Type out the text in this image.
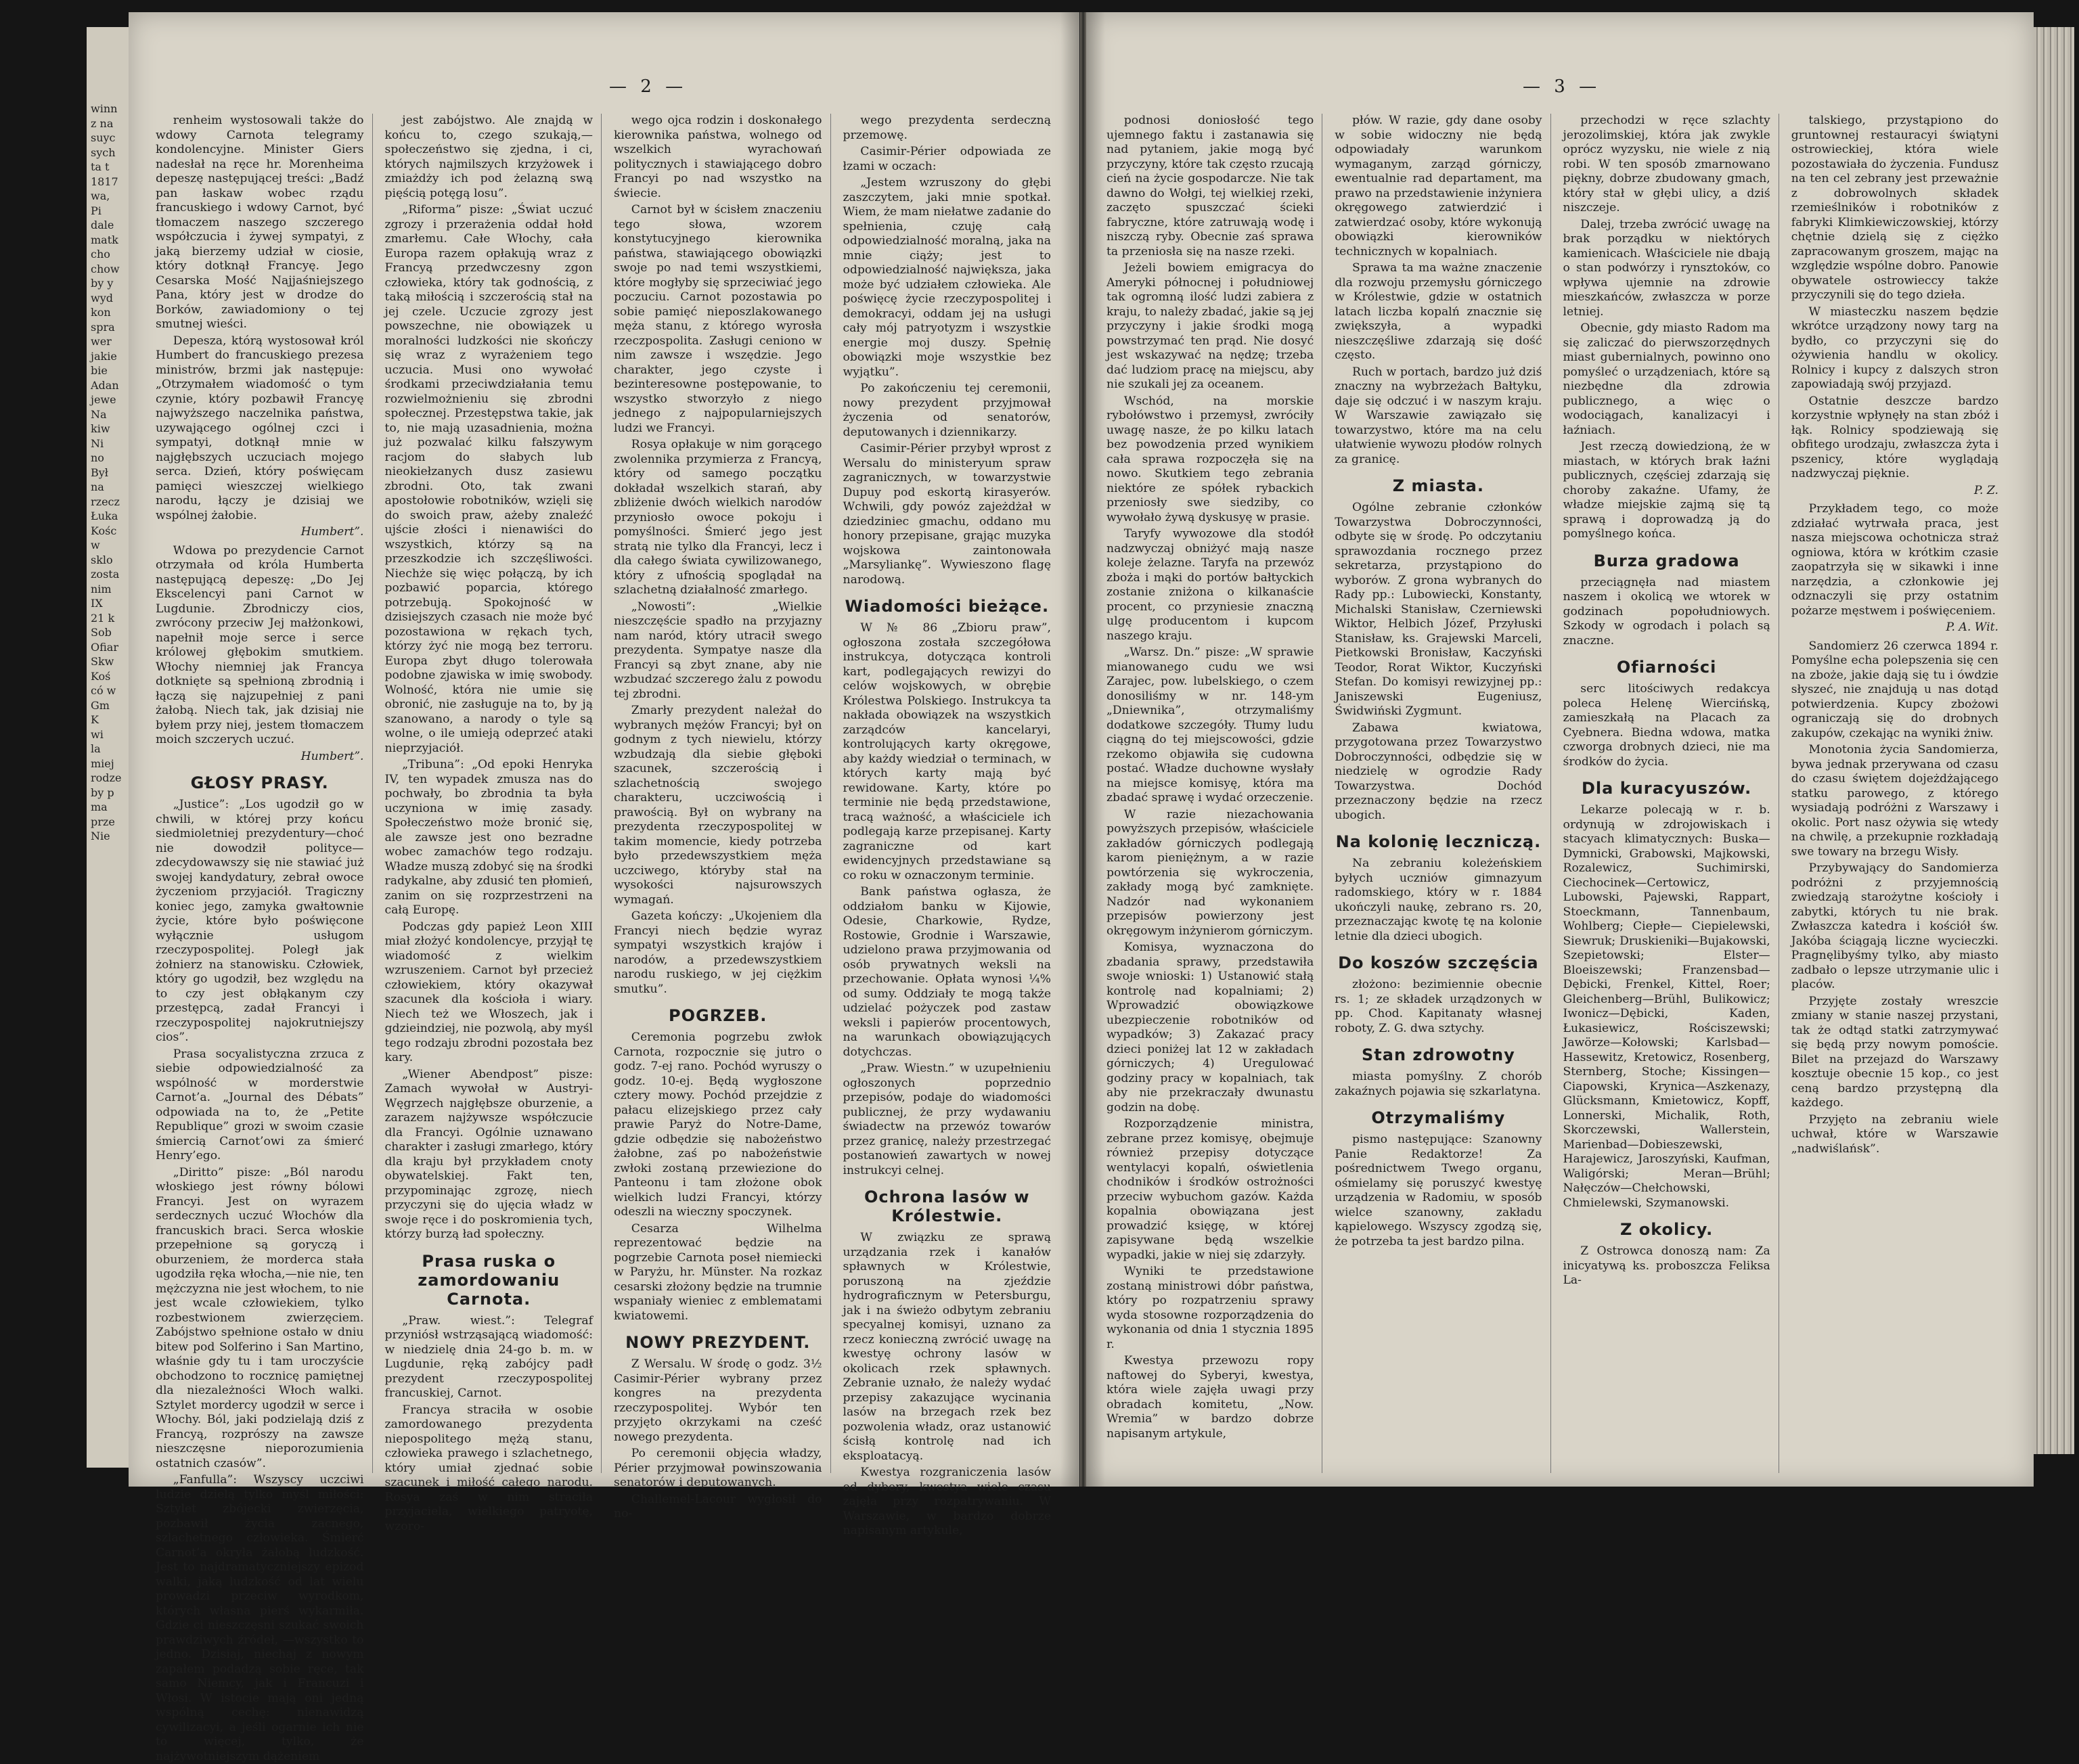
winn
z na
suyc
sych
ta t
1817
wa,
Pi
dale
matk
cho
chow
by y
wyd
kon
spra
wer
jakie
bie
Adan
jewe
Na
kiw
Ni
no
Był
na
rzecz
Łuka
Kośc
w
sklo
zosta
nim
IX
21 k
Sob
Ofiar
Skw
Koś
có w
Gm
K
wi
la
miej
rodze
by p
ma
prze
Nie
— 2 —

renheim wystosowali także do wdowy Carnota telegramy kondolencyjne. Minister Giers nadesłał na ręce hr. Morenheima depeszę następującej treści: „Badź pan łaskaw wobec rządu francuskiego i wdowy Carnot, być tłomaczem naszego szczerego współczucia i żywej sympatyi, z jaką bierzemy udział w ciosie, który dotknął Francyę. Jego Cesarska Mość Najjaśniejszego Pana, który jest w drodze do Borków, zawiadomiony o tej smutnej wieści.

Depesza, którą wystosował król Humbert do francuskiego prezesa ministrów, brzmi jak następuje: „Otrzymałem wiadomość o tym czynie, który pozbawił Francyę najwyższego naczelnika państwa, uzywającego ogólnej czci i sympatyi, dotknął mnie w najgłębszych uczuciach mojego serca. Dzień, który poświęcam pamięci wieszczej wielkiego narodu, łączy je dzisiaj we wspólnej żałobie.

Humbert”.

Wdowa po prezydencie Carnot otrzymała od króla Humberta następującą depeszę: „Do Jej Ekscelencyi pani Carnot w Lugdunie. Zbrodniczy cios, zwrócony przeciw Jej małżonkowi, napełnił moje serce i serce królowej głębokim smutkiem. Włochy niemniej jak Francya dotknięte są spełnioną zbrodnią i łączą się najzupełniej z pani żałobą. Niech tak, jak dzisiaj nie byłem przy niej, jestem tłomaczem moich szczerych uczuć.

Humbert”.
GŁOSY PRASY.

„Justice”: „Los ugodził go w chwili, w której przy końcu siedmioletniej prezydentury—choć nie dowodził polityce—zdecydowawszy się nie stawiać już swojej kandydatury, zebrał owoce życzeniom przyjaciół. Tragiczny koniec jego, zamyka gwałtownie życie, które było poświęcone wyłącznie usługom rzeczypospolitej. Poległ jak żołnierz na stanowisku. Człowiek, który go ugodził, bez względu na to czy jest obłąkanym czy przestępcą, zadał Francyi i rzeczypospolitej najokrutniejszy cios”.

Prasa socyalistyczna zrzuca z siebie odpowiedzialność za wspólność w morderstwie Carnot’a. „Journal des Débats” odpowiada na to, że „Petite Republique” grozi w swoim czasie śmiercią Carnot’owi za śmierć Henry’ego.

„Diritto” pisze: „Ból narodu włoskiego jest równy bólowi Francyi. Jest on wyrazem serdecznych uczuć Włochów dla francuskich braci. Serca włoskie przepełnione są goryczą i oburzeniem, że morderca stała ugodziła ręka włocha,—nie nie, ten mężczyzna nie jest włochem, to nie jest wcale człowiekiem, tylko rozbestwionem zwierzęciem. Zabójstwo spełnione ostało w dniu bitew pod Solferino i San Martino, właśnie gdy tu i tam uroczyście obchodzono to rocznicę pamiętnej dla niezależności Włoch walki. Sztylet mordercy ugodził w serce i Włochy. Ból, jaki podzielają dziś z Francyą, rozprószy na zawsze nieszczęsne nieporozumienia ostatnich czasów”.

„Fanfulla”: Wszyscy uczciwi ludzie dzielą tylko myśl miłości: Sztylet zbójecki zwierzęcia, pozbawił życia zacnego, szlachetnego człowieka. Śmierć Carnot’a okryła żałobą ludzkość. Jest to najdramatyczniejszy epizod walki, jaką ludzkość od lat wielu prowadzi przeciw wyrodkom, których własna pierś wykarmiła. Gdzie ci nieszczęsni szukać swoich prawdziwych źródeł, —wszystko to jedno. Dzisiaj, niechaj z nowym zapałem podadzą sobie ręce, tak samo Niemcy, jak i Francuzi i Włosi. W istocie mają oni jedną wspólną cechę: nienawidzą cywilizacyi, a jeśli ogarnie ich nie to więcej, tylko, że najżywotniejszym dążeniem

jest zabójstwo. Ale znajdą w końcu to, czego szukają,—społeczeństwo się zjedna, i ci, których najmilszych krzyżowek i zmiażdży ich pod żelazną swą pięścią potęgą losu”.

„Riforma” pisze: „Świat uczuć zgrozy i przerażenia oddał hołd zmarłemu. Całe Włochy, cała Europa razem opłakują wraz z Francyą przedwczesny zgon człowieka, który tak godnością, z taką miłością i szczerością stał na jej czele. Uczucie zgrozy jest powszechne, nie obowiązek u moralności ludzkości nie skończy się wraz z wyrażeniem tego uczucia. Musi ono wywołać środkami przeciwdziałania temu rozwielmożnieniu się zbrodni społecznej. Przestępstwa takie, jak to, nie mają uzasadnienia, można już pozwalać kilku fałszywym racjom do słabych lub nieokiełzanych dusz zasiewu zbrodni. Oto, tak zwani apostołowie robotników, wzięli się do swoich praw, ażeby znaleźć ujście złości i nienawiści do wszystkich, którzy są na przeszkodzie ich szczęśliwości. Niechże się więc połączą, by ich pozbawić poparcia, którego potrzebują. Spokojność w dzisiejszych czasach nie może być pozostawiona w rękach tych, którzy żyć nie mogą bez terroru. Europa zbyt długo tolerowała podobne zjawiska w imię swobody. Wolność, która nie umie się obronić, nie zasługuje na to, by ją szanowano, a narody o tyle są wolne, o ile umieją odeprzeć ataki nieprzyjaciół.

„Tribuna”: „Od epoki Henryka IV, ten wypadek zmusza nas do pochwały, bo zbrodnia ta była uczyniona w imię zasady. Społeczeństwo może bronić się, ale zawsze jest ono bezradne wobec zamachów tego rodzaju. Władze muszą zdobyć się na środki radykalne, aby zdusić ten płomień, zanim on się rozprzestrzeni na całą Europę.

Podczas gdy papież Leon XIII miał złożyć kondolencye, przyjął tę wiadomość z wielkim wzruszeniem. Carnot był przecież człowiekiem, który okazywał szacunek dla kościoła i wiary. Niech też we Włoszech, jak i gdzieindziej, nie pozwolą, aby myśl tego rodzaju zbrodni pozostała bez kary.

„Wiener Abendpost” pisze: Zamach wywołał w Austryi-Węgrzech najgłębsze oburzenie, a zarazem najżywsze współczucie dla Francyi. Ogólnie uznawano charakter i zasługi zmarłego, który dla kraju był przykładem cnoty obywatelskiej. Fakt ten, przypominając zgrozę, niech przyczyni się do ujęcia władz w swoje ręce i do poskromienia tych, którzy burzą ład społeczny.

Prasa ruska o zamordowaniu Carnota.

„Praw. wiest.”: Telegraf przyniósł wstrząsającą wiadomość: w niedzielę dnia 24-go b. m. w Lugdunie, ręką zabójcy padł prezydent rzeczypospolitej francuskiej, Carnot.

Francya straciła w osobie zamordowanego prezydenta niepospolitego mężą stanu, człowieka prawego i szlachetnego, który umiał zjednać sobie szacunek i miłość całego narodu. Rosya zaś w nim straciła przyjaciela, wielkiego patryotę, wzoro-

wego ojca rodzin i doskonałego kierownika państwa, wolnego od wszelkich wyrachowań politycznych i stawiającego dobro Francyi po nad wszystko na świecie.

Carnot był w ścisłem znaczeniu tego słowa, wzorem konstytucyjnego kierownika państwa, stawiającego obowiązki swoje po nad temi wszystkiemi, które mogłyby się sprzeciwiać jego poczuciu. Carnot pozostawia po sobie pamięć nieposzlakowanego męża stanu, z którego wyrosła rzeczpospolita. Zasługi ceniono w nim zawsze i wszędzie. Jego charakter, jego czyste i bezinteresowne postępowanie, to wszystko stworzyło z niego jednego z najpopularniejszych ludzi we Francyi.

Rosya opłakuje w nim gorącego zwolennika przymierza z Francyą, który od samego początku dokładał wszelkich starań, aby zbliżenie dwóch wielkich narodów przyniosło owoce pokoju i pomyślności. Śmierć jego jest stratą nie tylko dla Francyi, lecz i dla całego świata cywilizowanego, który z ufnością spoglądał na szlachetną działalność zmarłego.

„Nowosti”: „Wielkie nieszczęście spadło na przyjazny nam naród, który utracił swego prezydenta. Sympatye nasze dla Francyi są zbyt znane, aby nie wzbudzać szczerego żalu z powodu tej zbrodni.

Zmarły prezydent należał do wybranych mężów Francyi; był on godnym z tych niewielu, którzy wzbudzają dla siebie głęboki szacunek, szczerością i szlachetnością swojego charakteru, uczciwością i prawością. Był on wybrany na prezydenta rzeczypospolitej w takim momencie, kiedy potrzeba było przedewszystkiem męża uczciwego, któryby stał na wysokości najsurowszych wymagań.

Gazeta kończy: „Ukojeniem dla Francyi niech będzie wyraz sympatyi wszystkich krajów i narodów, a przedewszystkiem narodu ruskiego, w jej ciężkim smutku”.

POGRZEB.

Ceremonia pogrzebu zwłok Carnota, rozpocznie się jutro o godz. 7-ej rano. Pochód wyruszy o godz. 10-ej. Będą wygłoszone cztery mowy. Pochód przejdzie z pałacu elizejskiego przez cały prawie Paryż do Notre-Dame, gdzie odbędzie się nabożeństwo żałobne, zaś po nabożeństwie zwłoki zostaną przewiezione do Panteonu i tam złożone obok wielkich ludzi Francyi, którzy odeszli na wieczny spoczynek.

Cesarza Wilhelma reprezentować będzie na pogrzebie Carnota poseł niemiecki w Paryżu, hr. Münster. Na rozkaz cesarski złożony będzie na trumnie wspaniały wieniec z emblematami kwiatowemi.

NOWY PREZYDENT.

Z Wersalu. W środę o godz. 3½ Casimir-Périer wybrany przez kongres na prezydenta rzeczypospolitej. Wybór ten przyjęto okrzykami na cześć nowego prezydenta.

Po ceremonii objęcia władzy, Périer przyjmował powinszowania senatorów i deputowanych.

Challemel-Lacour wygłosił do no-

wego prezydenta serdeczną przemowę.

Casimir-Périer odpowiada ze łzami w oczach:

„Jestem wzruszony do głębi zaszczytem, jaki mnie spotkał. Wiem, że mam niełatwe zadanie do spełnienia, czuję całą odpowiedzialność moralną, jaka na mnie ciąży; jest to odpowiedzialność największa, jaka może być udziałem człowieka. Ale poświęcę życie rzeczypospolitej i demokracyi, oddam jej na usługi cały mój patryotyzm i wszystkie energie moj duszy. Spełnię obowiązki moje wszystkie bez wyjątku”.

Po zakończeniu tej ceremonii, nowy prezydent przyjmował życzenia od senatorów, deputowanych i dziennikarzy.

Casimir-Périer przybył wprost z Wersalu do ministeryum spraw zagranicznych, w towarzystwie Dupuy pod eskortą kirasyerów. Wchwili, gdy powóz zajeżdżał w dziedziniec gmachu, oddano mu honory przepisane, grając muzyka wojskowa zaintonowała „Marsyliankę”. Wywieszono flagę narodową.

Wiadomości bieżące.

W № 86 „Zbioru praw”, ogłoszona została szczegółowa instrukcya, dotycząca kontroli kart, podlegających rewizyi do celów wojskowych, w obrębie Królestwa Polskiego. Instrukcya ta nakłada obowiązek na wszystkich zarządców kancelaryi, kontrolujących karty okręgowe, aby każdy wiedział o terminach, w których karty mają być rewidowane. Karty, które po terminie nie będą przedstawione, tracą ważność, a właściciele ich podlegają karze przepisanej. Karty zagraniczne od kart ewidencyjnych przedstawiane są co roku w oznaczonym terminie.

Bank państwa ogłasza, że oddziałom banku w Kijowie, Odesie, Charkowie, Rydze, Rostowie, Grodnie i Warszawie, udzielono prawa przyjmowania od osób prywatnych weksli na przechowanie. Opłata wynosi ¼% od sumy. Oddziały te mogą także udzielać pożyczek pod zastaw weksli i papierów procentowych, na warunkach obowiązujących dotychczas.

„Praw. Wiestn.” w uzupełnieniu ogłoszonych poprzednio przepisów, podaje do wiadomości publicznej, że przy wydawaniu świadectw na przewóz towarów przez granicę, należy przestrzegać postanowień zawartych w nowej instrukcyi celnej.

Ochrona lasów w Królestwie.

W związku ze sprawą urządzania rzek i kanałów spławnych w Królestwie, poruszoną na zjeździe hydrograficznym w Petersburgu, jak i na świeżo odbytym zebraniu specyalnej komisyi, uznano za rzecz konieczną zwrócić uwagę na kwestyę ochrony lasów w okolicach rzek spławnych. Zebranie uznało, że należy wydać przepisy zakazujące wycinania lasów na brzegach rzek bez pozwolenia władz, oraz ustanowić ścisłą kontrolę nad ich eksploatacyą.

Kwestya rozgraniczenia lasów od dybery, kwestya wiele czasu zajęła przy rozpatrywaniu. W Warszawie, w bardzo dobrze napisanym artykule,

— 3 —

podnosi doniosłość tego ujemnego faktu i zastanawia się nad pytaniem, jakie mogą być przyczyny, które tak często rzucają cień na życie gospodarcze. Nie tak dawno do Wołgi, tej wielkiej rzeki, zaczęto spuszczać ścieki fabryczne, które zatruwają wodę i niszczą ryby. Obecnie zaś sprawa ta przeniosła się na nasze rzeki.

Jeżeli bowiem emigracya do Ameryki północnej i południowej tak ogromną ilość ludzi zabiera z kraju, to należy zbadać, jakie są jej przyczyny i jakie środki mogą powstrzymać ten prąd. Nie dosyć jest wskazywać na nędzę; trzeba dać ludziom pracę na miejscu, aby nie szukali jej za oceanem.

Wschód, na morskie rybołówstwo i przemysł, zwróciły uwagę nasze, że po kilku latach bez powodzenia przed wynikiem cała sprawa rozpoczęła się na nowo. Skutkiem tego zebrania niektóre ze spółek rybackich przeniosły swe siedziby, co wywołało żywą dyskusyę w prasie.

Taryfy wywozowe dla stodół nadzwyczaj obniżyć mają nasze koleje żelazne. Taryfa na przewóz zboża i mąki do portów bałtyckich zostanie zniżona o kilkanaście procent, co przyniesie znaczną ulgę producentom i kupcom naszego kraju.

„Warsz. Dn.” pisze: „W sprawie mianowanego cudu we wsi Zarajec, pow. lubelskiego, o czem donosiliśmy w nr. 148-ym „Dniewnika”, otrzymaliśmy dodatkowe szczegóły. Tłumy ludu ciągną do tej miejscowości, gdzie rzekomo objawiła się cudowna postać. Władze duchowne wysłały na miejsce komisyę, która ma zbadać sprawę i wydać orzeczenie.

W razie niezachowania powyższych przepisów, właściciele zakładów górniczych podlegają karom pieniężnym, a w razie powtórzenia się wykroczenia, zakłady mogą być zamknięte. Nadzór nad wykonaniem przepisów powierzony jest okręgowym inżynierom górniczym.

Komisya, wyznaczona do zbadania sprawy, przedstawiła swoje wnioski: 1) Ustanowić stałą kontrolę nad kopalniami; 2) Wprowadzić obowiązkowe ubezpieczenie robotników od wypadków; 3) Zakazać pracy dzieci poniżej lat 12 w zakładach górniczych; 4) Uregulować godziny pracy w kopalniach, tak aby nie przekraczały dwunastu godzin na dobę.

Rozporządzenie ministra, zebrane przez komisyę, obejmuje również przepisy dotyczące wentylacyi kopalń, oświetlenia chodników i środków ostrożności przeciw wybuchom gazów. Każda kopalnia obowiązana jest prowadzić księgę, w której zapisywane będą wszelkie wypadki, jakie w niej się zdarzyły.

Wyniki te przedstawione zostaną ministrowi dóbr państwa, który po rozpatrzeniu sprawy wyda stosowne rozporządzenia do wykonania od dnia 1 stycznia 1895 r.

Kwestya przewozu ropy naftowej do Syberyi, kwestya, która wiele zajęła uwagi przy obradach komitetu, „Now. Wremia” w bardzo dobrze napisanym artykule,

płów. W razie, gdy dane osoby w sobie widoczny nie będą odpowiadały warunkom wymaganym, zarząd górniczy, ewentualnie rad departament, ma prawo na przedstawienie inżyniera okręgowego zatwierdzić i zatwierdzać osoby, które wykonują obowiązki kierowników technicznych w kopalniach.

Sprawa ta ma ważne znaczenie dla rozwoju przemysłu górniczego w Królestwie, gdzie w ostatnich latach liczba kopalń znacznie się zwiększyła, a wypadki nieszczęśliwe zdarzają się dość często.

Ruch w portach, bardzo już dziś znaczny na wybrzeżach Bałtyku, daje się odczuć i w naszym kraju. W Warszawie zawiązało się towarzystwo, które ma na celu ułatwienie wywozu płodów rolnych za granicę.

Z miasta.

Ogólne zebranie członków Towarzystwa Dobroczynności, odbyte się w środę. Po odczytaniu sprawozdania rocznego przez sekretarza, przystąpiono do wyborów. Z grona wybranych do Rady pp.: Lubowiecki, Konstanty, Michalski Stanisław, Czerniewski Wiktor, Helbich Józef, Przyłuski Stanisław, ks. Grajewski Marceli, Pietkowski Bronisław, Kaczyński Teodor, Rorat Wiktor, Kuczyński Stefan. Do komisyi rewizyjnej pp.: Janiszewski Eugeniusz, Świdwiński Zygmunt.

Zabawa kwiatowa, przygotowana przez Towarzystwo Dobroczynności, odbędzie się w niedzielę w ogrodzie Rady Towarzystwa. Dochód przeznaczony będzie na rzecz ubogich.

Na kolonię leczniczą.

Na zebraniu koleżeńskiem byłych uczniów gimnazyum radomskiego, który w r. 1884 ukończyli naukę, zebrano rs. 20, przeznaczając kwotę tę na kolonie letnie dla dzieci ubogich.

Do koszów szczęścia

złożono: bezimiennie obecnie rs. 1; ze składek urządzonych w pp. Chod. Kapitanaty własnej roboty, Z. G. dwa sztychy.

Stan zdrowotny

miasta pomyślny. Z chorób zakaźnych pojawia się szkarlatyna.

Otrzymaliśmy

pismo następujące: Szanowny Panie Redaktorze! Za pośrednictwem Twego organu, ośmielamy się poruszyć kwestyę urządzenia w Radomiu, w sposób wielce szanowny, zakładu kąpielowego. Wszyscy zgodzą się, że potrzeba ta jest bardzo pilna.

przechodzi w ręce szlachty jerozolimskiej, która jak zwykle oprócz wyzysku, nie wiele z nią robi. W ten sposób zmarnowano piękny, dobrze zbudowany gmach, który stał w głębi ulicy, a dziś niszczeje.

Dalej, trzeba zwrócić uwagę na brak porządku w niektórych kamienicach. Właściciele nie dbają o stan podwórzy i rynsztoków, co wpływa ujemnie na zdrowie mieszkańców, zwłaszcza w porze letniej.

Obecnie, gdy miasto Radom ma się zaliczać do pierwszorzędnych miast gubernialnych, powinno ono pomyśleć o urządzeniach, które są niezbędne dla zdrowia publicznego, a więc o wodociągach, kanalizacyi i łaźniach.

Jest rzeczą dowiedzioną, że w miastach, w których brak łaźni publicznych, częściej zdarzają się choroby zakaźne. Ufamy, że władze miejskie zajmą się tą sprawą i doprowadzą ją do pomyślnego końca.

Burza gradowa

przeciągnęła nad miastem naszem i okolicą we wtorek w godzinach popołudniowych. Szkody w ogrodach i polach są znaczne.

Ofiarności

serc litościwych redakcya poleca Helenę Wiercińską, zamieszkałą na Placach za Cyebnera. Biedna wdowa, matka czworga drobnych dzieci, nie ma środków do życia.

Dla kuracyuszów.

Lekarze polecają w r. b. ordynują w zdrojowiskach i stacyach klimatycznych: Buska—Dymnicki, Grabowski, Majkowski, Rozalewicz, Suchimirski, Ciechocinek—Certowicz, Lubowski, Pajewski, Rappart, Stoeckmann, Tannenbaum, Wohlberg; Ciepłe— Ciepielewski, Siewruk; Druskieniki—Bujakowski, Szepietowski; Elster—Bloeiszewski; Franzensbad—Dębicki, Frenkel, Kittel, Roer; Gleichenberg—Brühl, Bulikowicz; Iwonicz—Dębicki, Kaden, Łukasiewicz, Rościszewski; Jawörze—Kołowski; Karlsbad—Hassewitz, Kretowicz, Rosenberg, Sternberg, Stoche; Kissingen—Ciapowski, Kryniсa—Aszkenazy, Glücksmann, Kmietowicz, Kopff, Lonnerski, Michalik, Roth, Skorczewski, Wallerstein, Marienbad—Dobieszewski, Harajewicz, Jaroszyński, Kaufman, Waligórski; Meran—Brühl; Nałęczów—Chełchowski, Chmielewski, Szymanowski.

Z okolicy.

Z Ostrowca donoszą nam: Za inicyatywą ks. proboszcza Feliksa La-

talskiego, przystąpiono do gruntownej restauracyi świątyni ostrowieckiej, która wiele pozostawiała do życzenia. Fundusz na ten cel zebrany jest przeważnie z dobrowolnych składek rzemieślników i robotników z fabryki Klimkiewiczowskiej, którzy chętnie dzielą się z ciężko zapracowanym groszem, mając na względzie wspólne dobro. Panowie obywatele ostrowieccy także przyczynili się do tego dzieła.

W miasteczku naszem będzie wkrótce urządzony nowy targ na bydło, co przyczyni się do ożywienia handlu w okolicy. Rolnicy i kupcy z dalszych stron zapowiadają swój przyjazd.

Ostatnie deszcze bardzo korzystnie wpłynęły na stan zbóż i łąk. Rolnicy spodziewają się obfitego urodzaju, zwłaszcza żyta i pszenicy, które wyglądają nadzwyczaj pięknie.

P. Z.

Przykładem tego, co może zdziałać wytrwała praca, jest nasza miejscowa ochotnicza straż ogniowa, która w krótkim czasie zaopatrzyła się w sikawki i inne narzędzia, a członkowie jej odznaczyli się przy ostatnim pożarze męstwem i poświęceniem.

P. A. Wit.

Sandomierz 26 czerwca 1894 r. Pomyślne echa polepszenia się cen na zboże, jakie dają się tu i ówdzie słyszeć, nie znajdują u nas dotąd potwierdzenia. Kupcy zbożowi ograniczają się do drobnych zakupów, czekając na wyniki żniw.

Monotonia życia Sandomierza, bywa jednak przerywana od czasu do czasu świętem dojeżdżającego statku parowego, z którego wysiadają podróżni z Warszawy i okolic. Port nasz ożywia się wtedy na chwilę, a przekupnie rozkładają swe towary na brzegu Wisły.

Przybywający do Sandomierza podróżni z przyjemnością zwiedzają starożytne kościoły i zabytki, których tu nie brak. Zwłaszcza katedra i kościół św. Jakóba ściągają liczne wycieczki. Pragnęlibyśmy tylko, aby miasto zadbało o lepsze utrzymanie ulic i placów.

Przyjęte zostały wreszcie zmiany w stanie naszej przystani, tak że odtąd statki zatrzymywać się będą przy nowym pomoście. Bilet na przejazd do Warszawy kosztuje obecnie 15 kop., co jest ceną bardzo przystępną dla każdego.

Przyjęto na zebraniu wiele uchwał, które w Warszawie „nadwiślańsk”.
